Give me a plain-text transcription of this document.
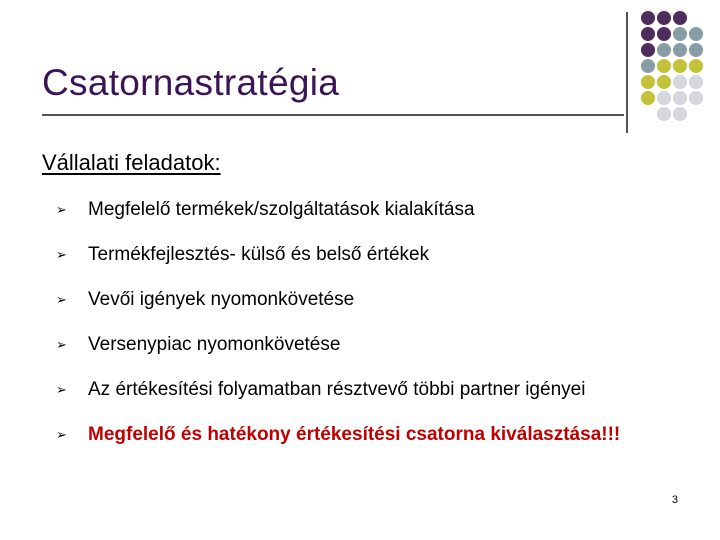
Csatornastratégia
Vállalati feladatok:
➢	Megfelelő termékek/szolgáltatások kialakítása
➢	Termékfejlesztés- külső és belső értékek
➢	Vevői igények nyomonkövetése
➢	Versenypiac nyomonkövetése
➢	Az értékesítési folyamatban résztvevő többi partner igényei
➢	Megfelelő és hatékony értékesítési csatorna kiválasztása!!!
3
